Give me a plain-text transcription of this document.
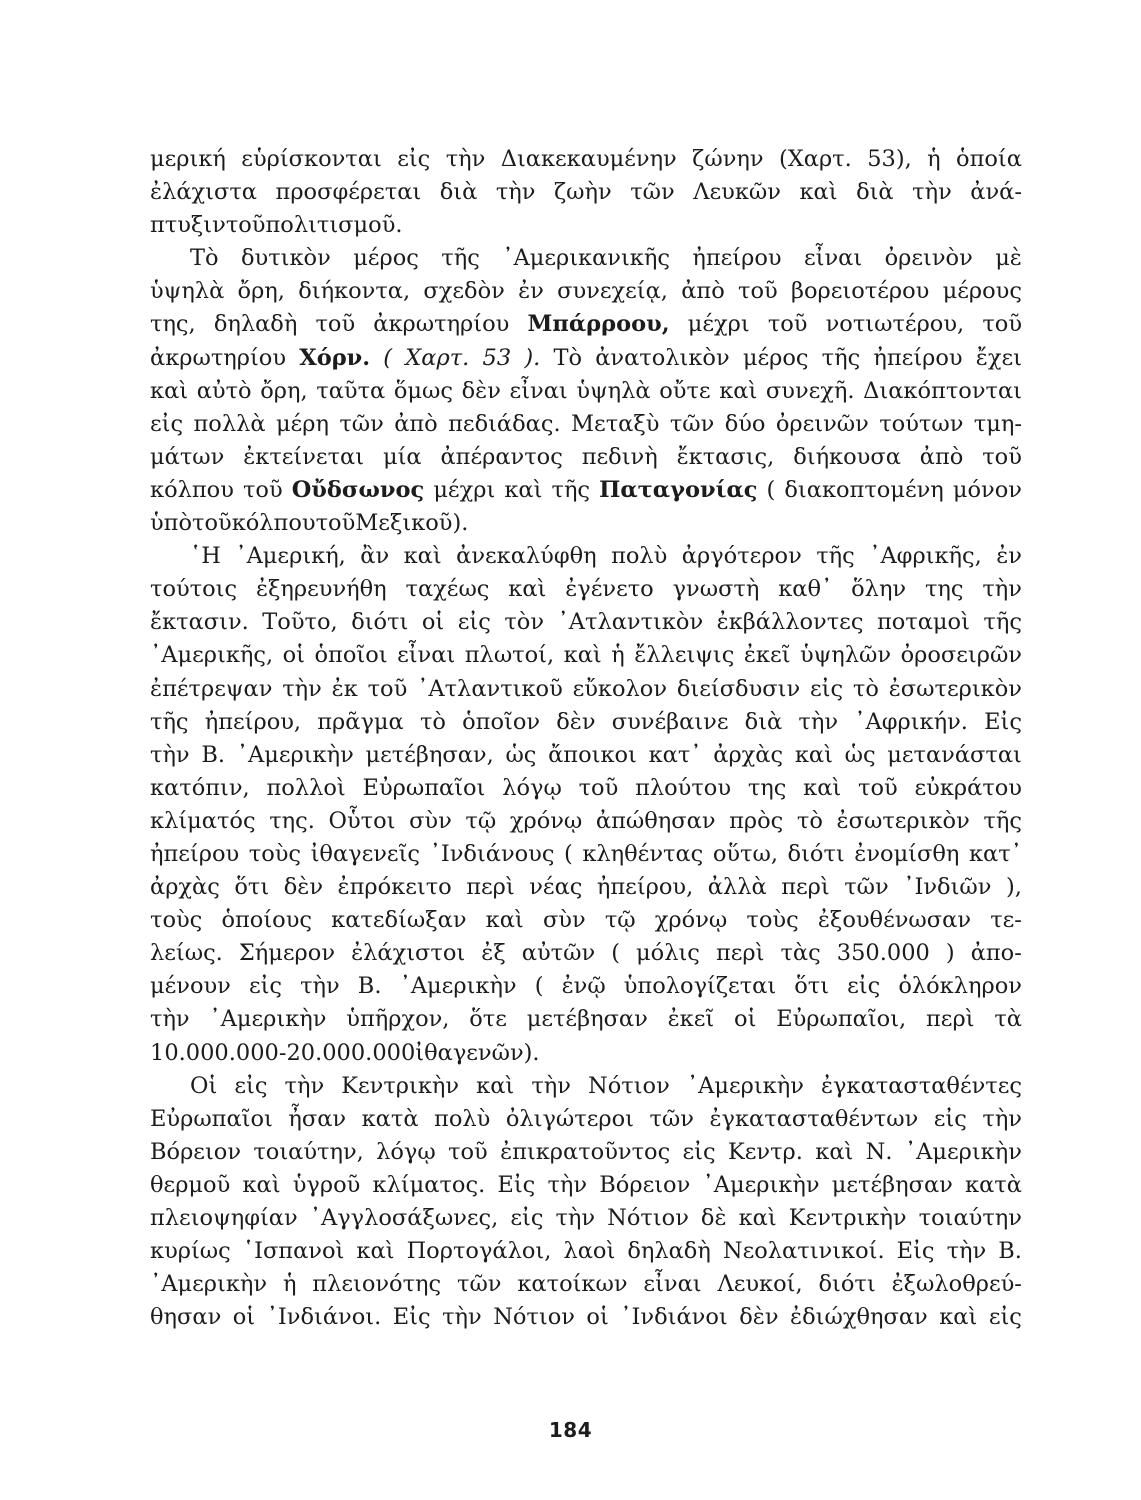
μερική εὑρίσκονται εἰς τὴν Διακεκαυμένην ζώνην (Χαρτ. 53), ἡ ὁποία
ἐλάχιστα προσφέρεται διὰ τὴν ζωὴν τῶν Λευκῶν καὶ διὰ τὴν ἀνά-
πτυξιν τοῦ πολιτισμοῦ.
Τὸ δυτικὸν μέρος τῆς ᾿Αμερικανικῆς ἠπείρου εἶναι ὀρεινὸν μὲ
ὑψηλὰ ὄρη, διήκοντα, σχεδὸν ἐν συνεχείᾳ, ἀπὸ τοῦ βορειοτέρου μέρους
της, δηλαδὴ τοῦ ἀκρωτηρίου Μπάρροου, μέχρι τοῦ νοτιωτέρου, τοῦ
ἀκρωτηρίου Χόρν. ( Χαρτ. 53 ). Τὸ ἀνατολικὸν μέρος τῆς ἠπείρου ἔχει
καὶ αὐτὸ ὄρη, ταῦτα ὅμως δὲν εἶναι ὑψηλὰ οὔτε καὶ συνεχῆ. Διακόπτονται
εἰς πολλὰ μέρη τῶν ἀπὸ πεδιάδας. Μεταξὺ τῶν δύο ὀρεινῶν τούτων τμη-
μάτων ἐκτείνεται μία ἀπέραντος πεδινὴ ἔκτασις, διήκουσα ἀπὸ τοῦ
κόλπου τοῦ Οὔδσωνος μέχρι καὶ τῆς Παταγονίας ( διακοπτομένη μόνον
ὑπὸ τοῦ κόλπου τοῦ Μεξικοῦ ).
῾Η ᾿Αμερική, ἂν καὶ ἀνεκαλύφθη πολὺ ἀργότερον τῆς ᾿Αφρικῆς, ἐν
τούτοις ἐξηρευνήθη ταχέως καὶ ἐγένετο γνωστὴ καθ᾿ ὅλην της τὴν
ἔκτασιν. Τοῦτο, διότι οἱ εἰς τὸν ᾿Ατλαντικὸν ἐκβάλλοντες ποταμοὶ τῆς
᾿Αμερικῆς, οἱ ὁποῖοι εἶναι πλωτοί, καὶ ἡ ἔλλειψις ἐκεῖ ὑψηλῶν ὀροσειρῶν
ἐπέτρεψαν τὴν ἐκ τοῦ ᾿Ατλαντικοῦ εὔκολον διείσδυσιν εἰς τὸ ἐσωτερικὸν
τῆς ἠπείρου, πρᾶγμα τὸ ὁποῖον δὲν συνέβαινε διὰ τὴν ᾿Αφρικήν. Εἰς
τὴν Β. ᾿Αμερικὴν μετέβησαν, ὡς ἄποικοι κατ᾿ ἀρχὰς καὶ ὡς μετανάσται
κατόπιν, πολλοὶ Εὐρωπαῖοι λόγῳ τοῦ πλούτου της καὶ τοῦ εὐκράτου
κλίματός της. Οὗτοι σὺν τῷ χρόνῳ ἀπώθησαν πρὸς τὸ ἐσωτερικὸν τῆς
ἠπείρου τοὺς ἰθαγενεῖς ᾿Ινδιάνους ( κληθέντας οὕτω, διότι ἐνομίσθη κατ᾿
ἀρχὰς ὅτι δὲν ἐπρόκειτο περὶ νέας ἠπείρου, ἀλλὰ περὶ τῶν ᾿Ινδιῶν ),
τοὺς ὁποίους κατεδίωξαν καὶ σὺν τῷ χρόνῳ τοὺς ἐξουθένωσαν τε-
λείως. Σήμερον ἐλάχιστοι ἐξ αὐτῶν ( μόλις περὶ τὰς 350.000 ) ἀπο-
μένουν εἰς τὴν Β. ᾿Αμερικὴν ( ἐνῷ ὑπολογίζεται ὅτι εἰς ὁλόκληρον
τὴν ᾿Αμερικὴν ὑπῆρχον, ὅτε μετέβησαν ἐκεῖ οἱ Εὐρωπαῖοι, περὶ τὰ
10.000.000 - 20.000.000 ἰθαγενῶν ).
Οἱ εἰς τὴν Κεντρικὴν καὶ τὴν Νότιον ᾿Αμερικὴν ἐγκατασταθέντες
Εὐρωπαῖοι ἦσαν κατὰ πολὺ ὀλιγώτεροι τῶν ἐγκατασταθέντων εἰς τὴν
Βόρειον τοιαύτην, λόγῳ τοῦ ἐπικρατοῦντος εἰς Κεντρ. καὶ Ν. ᾿Αμερικὴν
θερμοῦ καὶ ὑγροῦ κλίματος. Εἰς τὴν Βόρειον ᾿Αμερικὴν μετέβησαν κατὰ
πλειοψηφίαν ᾿Αγγλοσάξωνες, εἰς τὴν Νότιον δὲ καὶ Κεντρικὴν τοιαύτην
κυρίως ῾Ισπανοὶ καὶ Πορτογάλοι, λαοὶ δηλαδὴ Νεολατινικοί. Εἰς τὴν Β.
᾿Αμερικὴν ἡ πλειονότης τῶν κατοίκων εἶναι Λευκοί, διότι ἐξωλοθρεύ-
θησαν οἱ ᾿Ινδιάνοι. Εἰς τὴν Νότιον οἱ ᾿Ινδιάνοι δὲν ἐδιώχθησαν καὶ εἰς
184
